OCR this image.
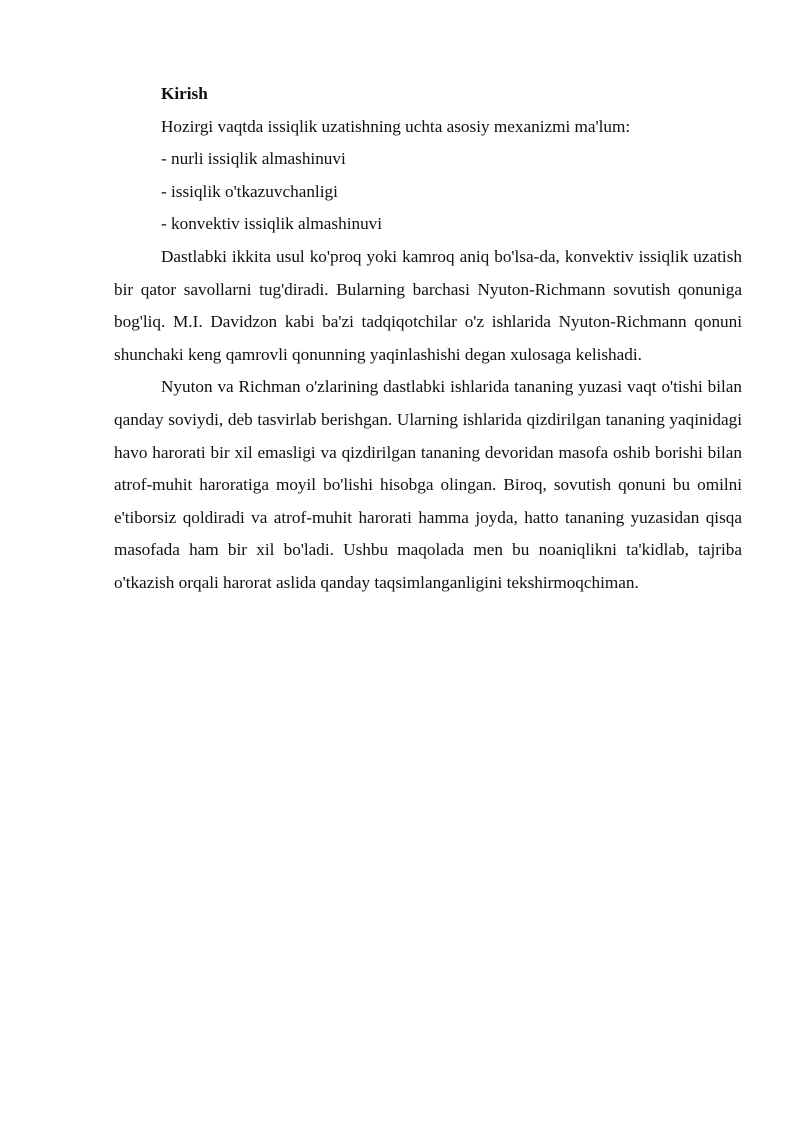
Kirish

Hozirgi vaqtda issiqlik uzatishning uchta asosiy mexanizmi ma'lum:

- nurli issiqlik almashinuvi

- issiqlik o'tkazuvchanligi

- konvektiv issiqlik almashinuvi

Dastlabki ikkita usul ko'proq yoki kamroq aniq bo'lsa-da, konvektiv issiqlik uzatish bir qator savollarni tug'diradi. Bularning barchasi Nyuton-Richmann sovutish qonuniga bog'liq. M.I. Davidzon kabi ba'zi tadqiqotchilar o'z ishlarida Nyuton-Richmann qonuni shunchaki keng qamrovli qonunning yaqinlashishi degan xulosaga kelishadi.

Nyuton va Richman o'zlarining dastlabki ishlarida tananing yuzasi vaqt o'tishi bilan qanday soviydi, deb tasvirlab berishgan. Ularning ishlarida qizdirilgan tananing yaqinidagi havo harorati bir xil emasligi va qizdirilgan tananing devoridan masofa oshib borishi bilan atrof-muhit haroratiga moyil bo'lishi hisobga olingan. Biroq, sovutish qonuni bu omilni e'tiborsiz qoldiradi va atrof-muhit harorati hamma joyda, hatto tananing yuzasidan qisqa masofada ham bir xil bo'ladi. Ushbu maqolada men bu noaniqlikni ta'kidlab, tajriba o'tkazish orqali harorat aslida qanday taqsimlanganligini tekshirmoqchiman.
